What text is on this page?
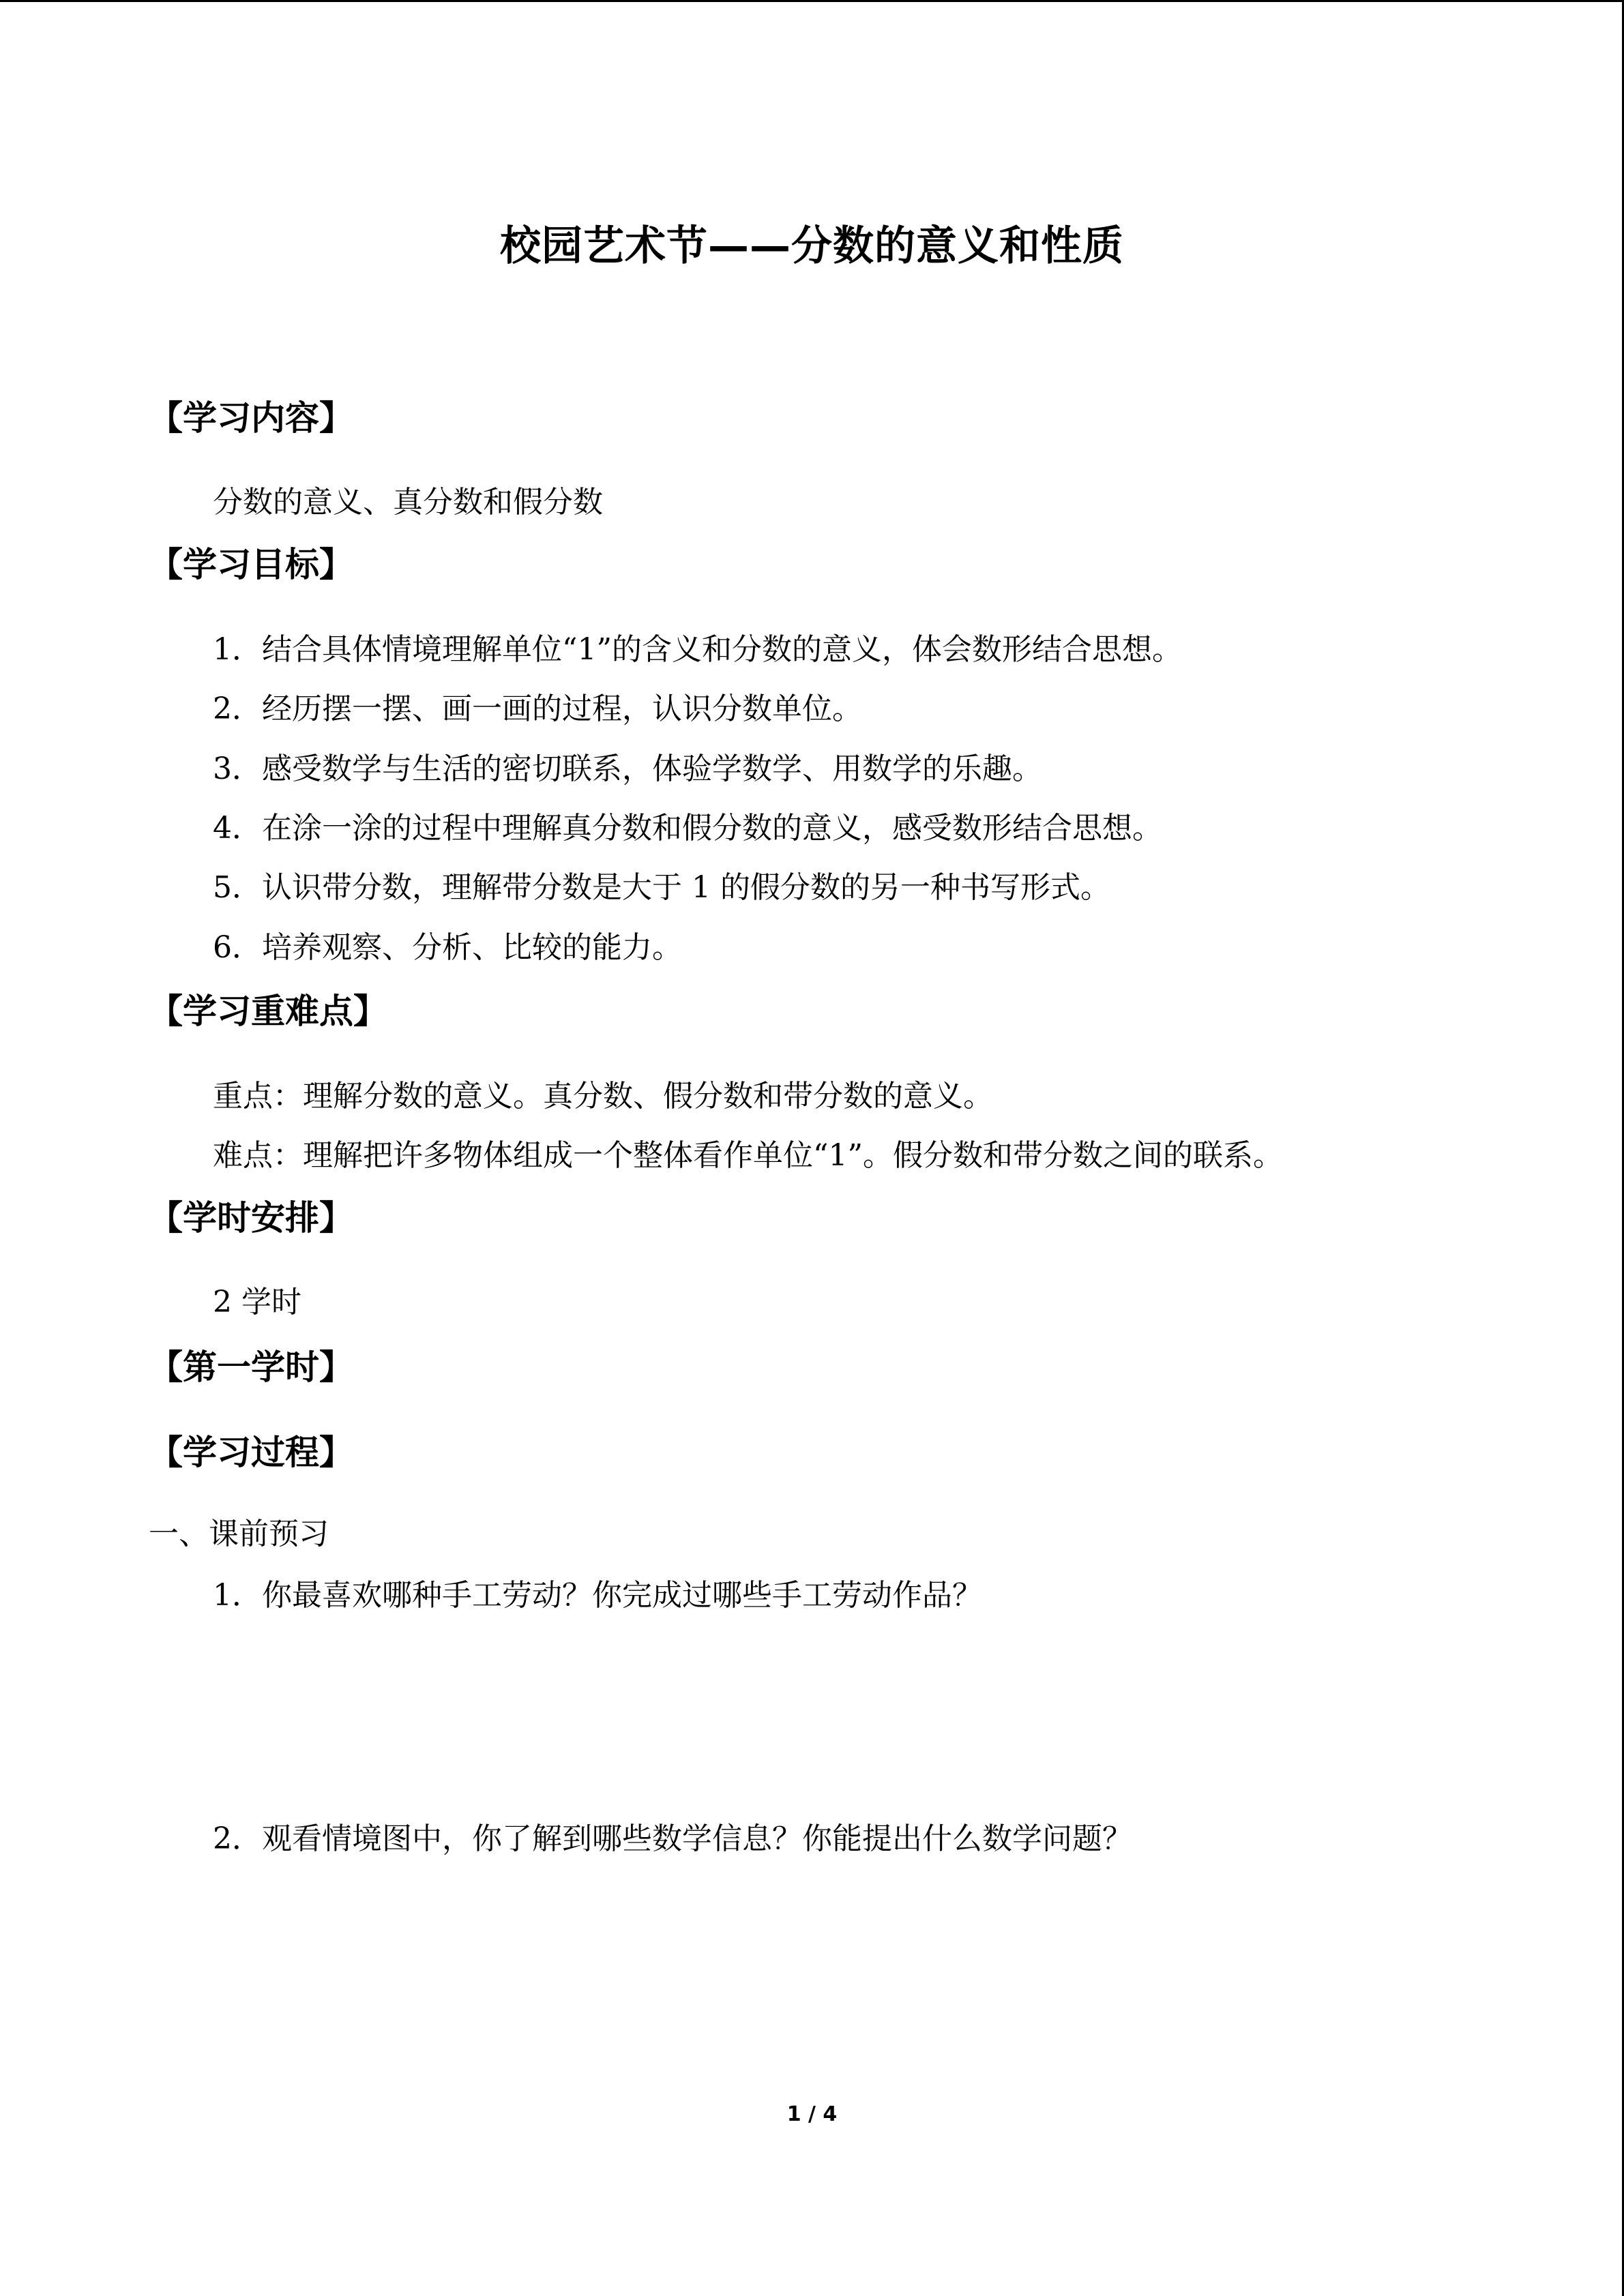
校园艺术节——分数的意义和性质
【学习内容】

分数的意义、真分数和假分数

【学习目标】

1．结合具体情境理解单位“1”的含义和分数的意义，体会数形结合思想。

2．经历摆一摆、画一画的过程，认识分数单位。

3．感受数学与生活的密切联系，体验学数学、用数学的乐趣。

4．在涂一涂的过程中理解真分数和假分数的意义，感受数形结合思想。

5．认识带分数，理解带分数是大于 1 的假分数的另一种书写形式。

6．培养观察、分析、比较的能力。

【学习重难点】

重点：理解分数的意义。真分数、假分数和带分数的意义。

难点：理解把许多物体组成一个整体看作单位“1”。假分数和带分数之间的联系。

【学时安排】

2 学时

【第一学时】
【学习过程】

一、课前预习

1．你最喜欢哪种手工劳动？你完成过哪些手工劳动作品？

2．观看情境图中，你了解到哪些数学信息？你能提出什么数学问题？

1 / 4
